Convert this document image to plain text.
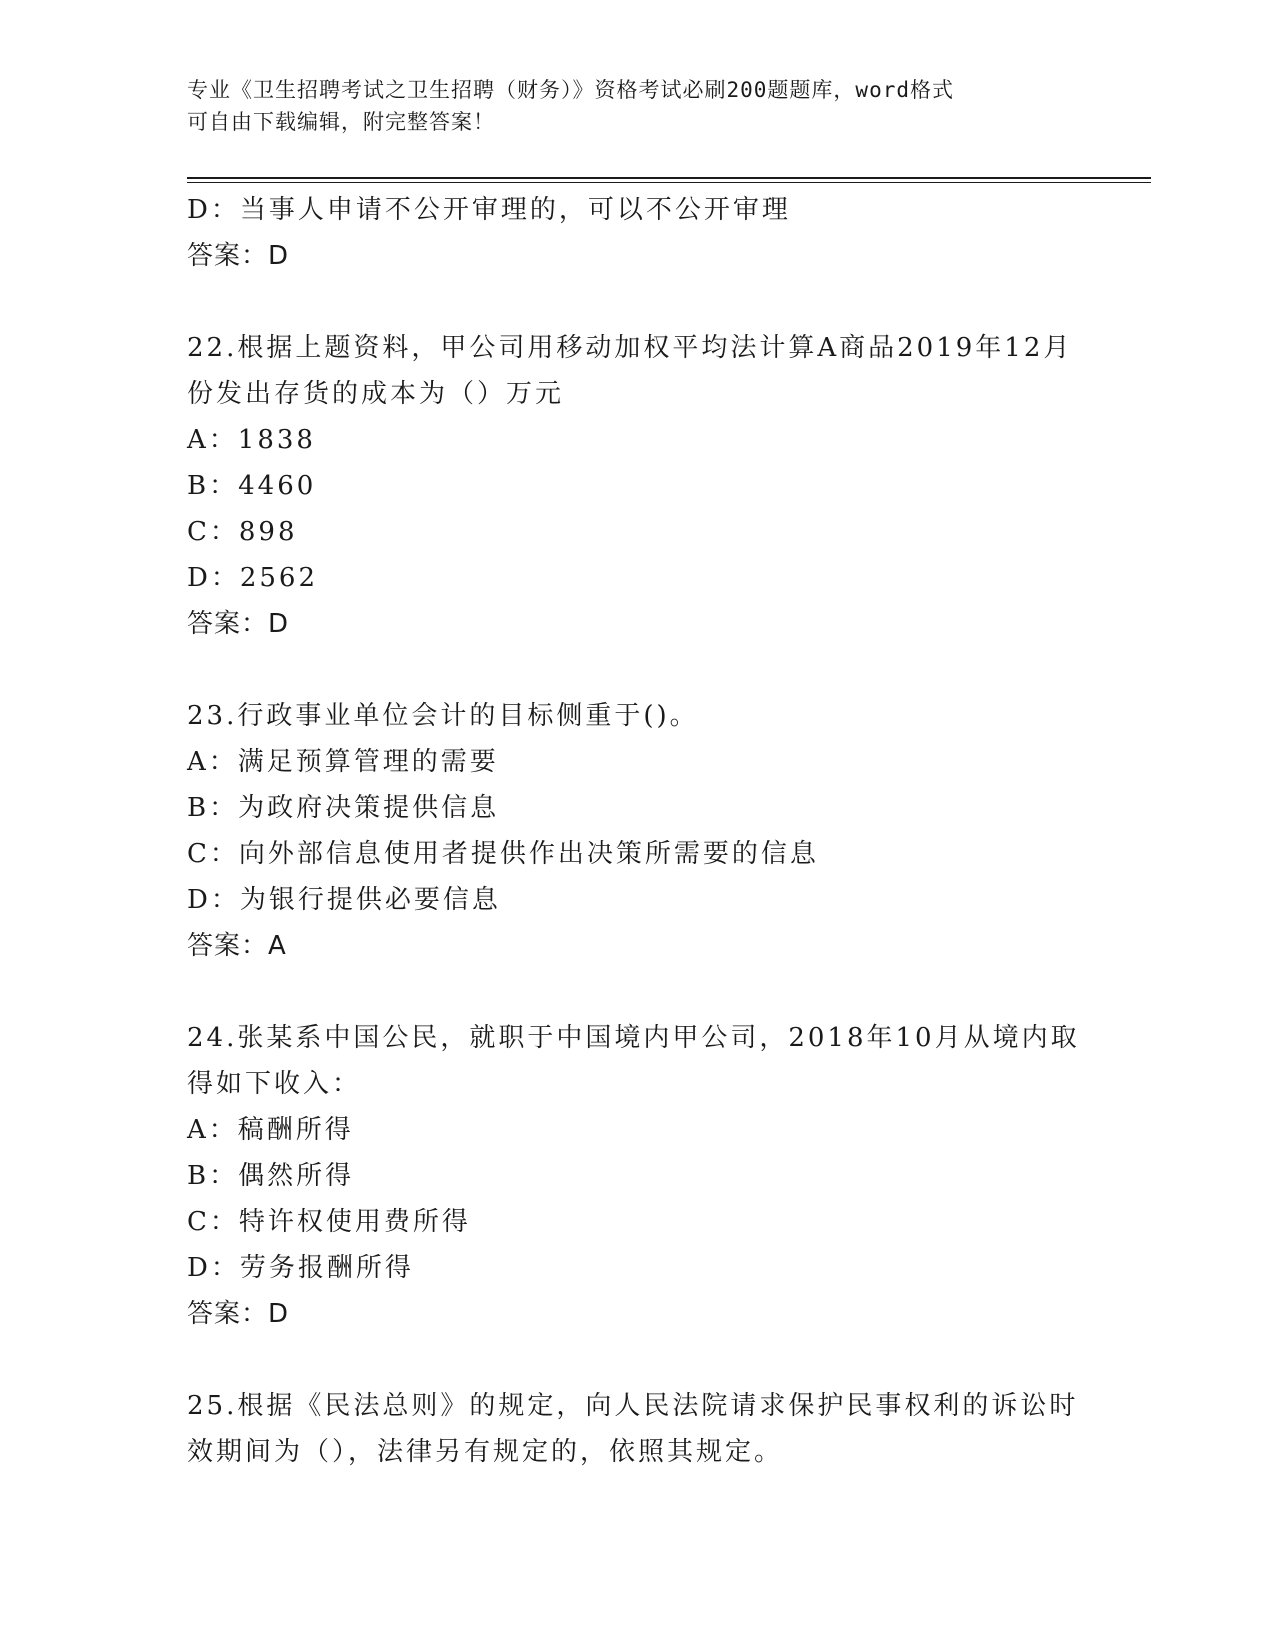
专业《卫生招聘考试之卫生招聘（财务）》资格考试必刷200题题库，word格式
可自由下载编辑，附完整答案！
D：当事人申请不公开审理的，可以不公开审理
答案：D
22.根据上题资料，甲公司用移动加权平均法计算A商品2019年12月
份发出存货的成本为（）万元
A：1838
B：4460
C：898
D：2562
答案：D
23.行政事业单位会计的目标侧重于()。
A：满足预算管理的需要
B：为政府决策提供信息
C：向外部信息使用者提供作出决策所需要的信息
D：为银行提供必要信息
答案：A
24.张某系中国公民，就职于中国境内甲公司，2018年10月从境内取
得如下收入：
A：稿酬所得
B：偶然所得
C：特许权使用费所得
D：劳务报酬所得
答案：D
25.根据《民法总则》的规定，向人民法院请求保护民事权利的诉讼时
效期间为（），法律另有规定的，依照其规定。
